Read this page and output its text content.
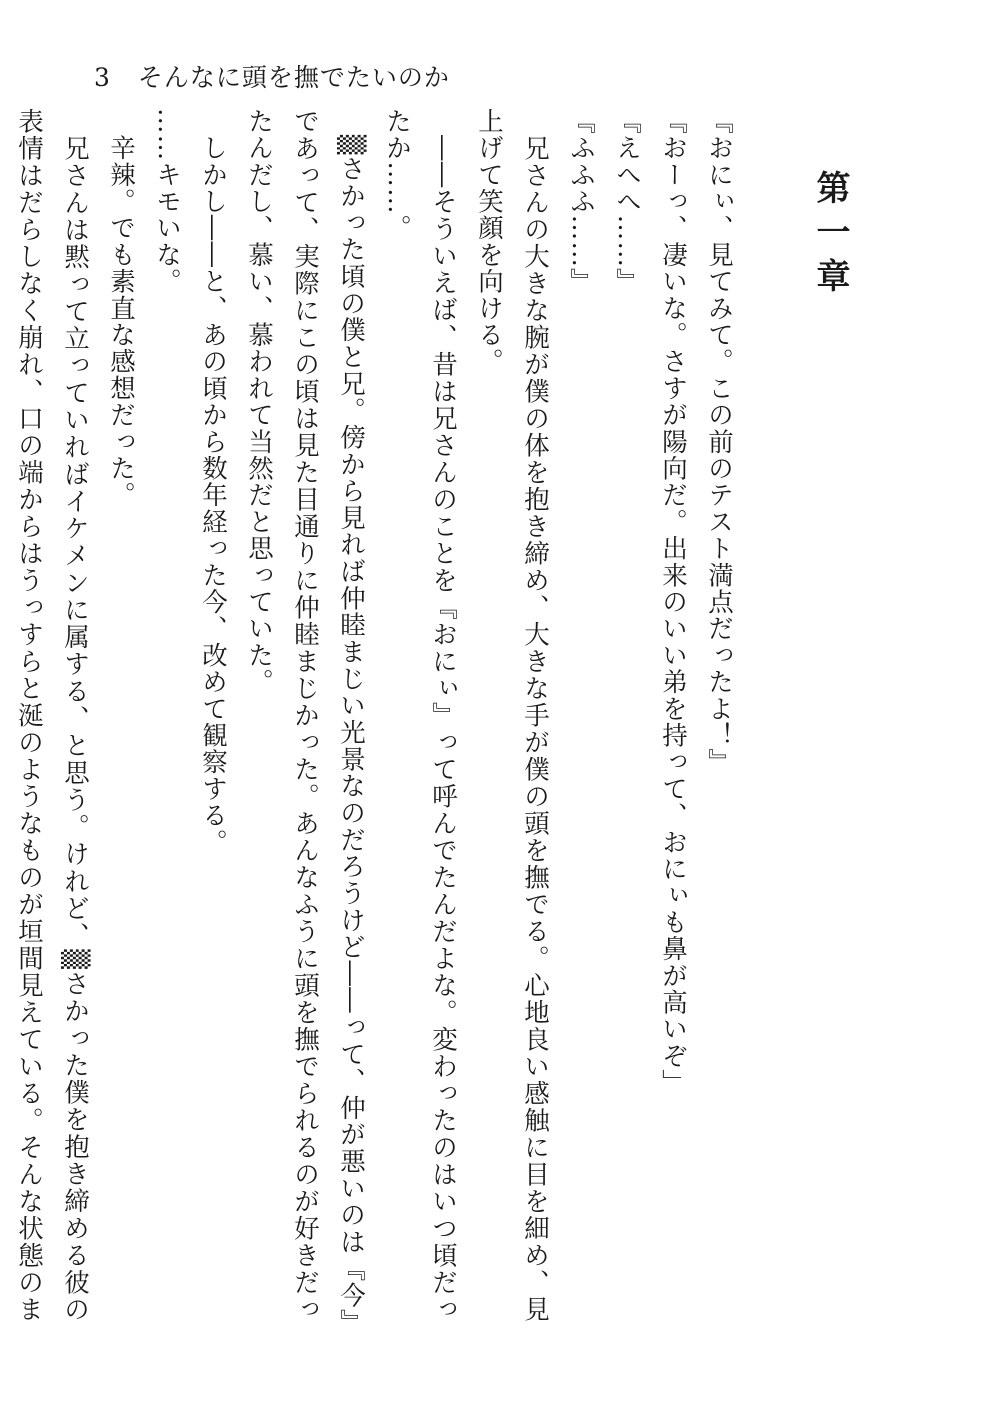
3 そんなに頭を撫でたいのか
第一章

『おにぃ、見てみて。この前のテスト満点だったよ！』

『おーっ、凄いな。さすが陽向だ。出来のいい弟を持って、おにぃも鼻が高いぞ」

『えへへ……』

『ふふふ……』

　兄さんの大きな腕が僕の体を抱き締め、大きな手が僕の頭を撫でる。心地良い感触に目を細め、見上げて笑顔を向ける。

　――そういえば、昔は兄さんのことを『おにぃ』って呼んでたんだよな。変わったのはいつ頃だったか……。

　▒さかった頃の僕と兄。傍から見れば仲睦まじい光景なのだろうけど――って、仲が悪いのは『今』であって、実際にこの頃は見た目通りに仲睦まじかった。あんなふうに頭を撫でられるのが好きだったんだし、慕い、慕われて当然だと思っていた。

　しかし――と、あの頃から数年経った今、改めて観察する。

……キモいな。

　辛辣。でも素直な感想だった。

　兄さんは黙って立っていればイケメンに属する、と思う。けれど、▒さかった僕を抱き締める彼の表情はだらしなく崩れ、口の端からはうっすらと涎のようなものが垣間見えている。そんな状態のま
